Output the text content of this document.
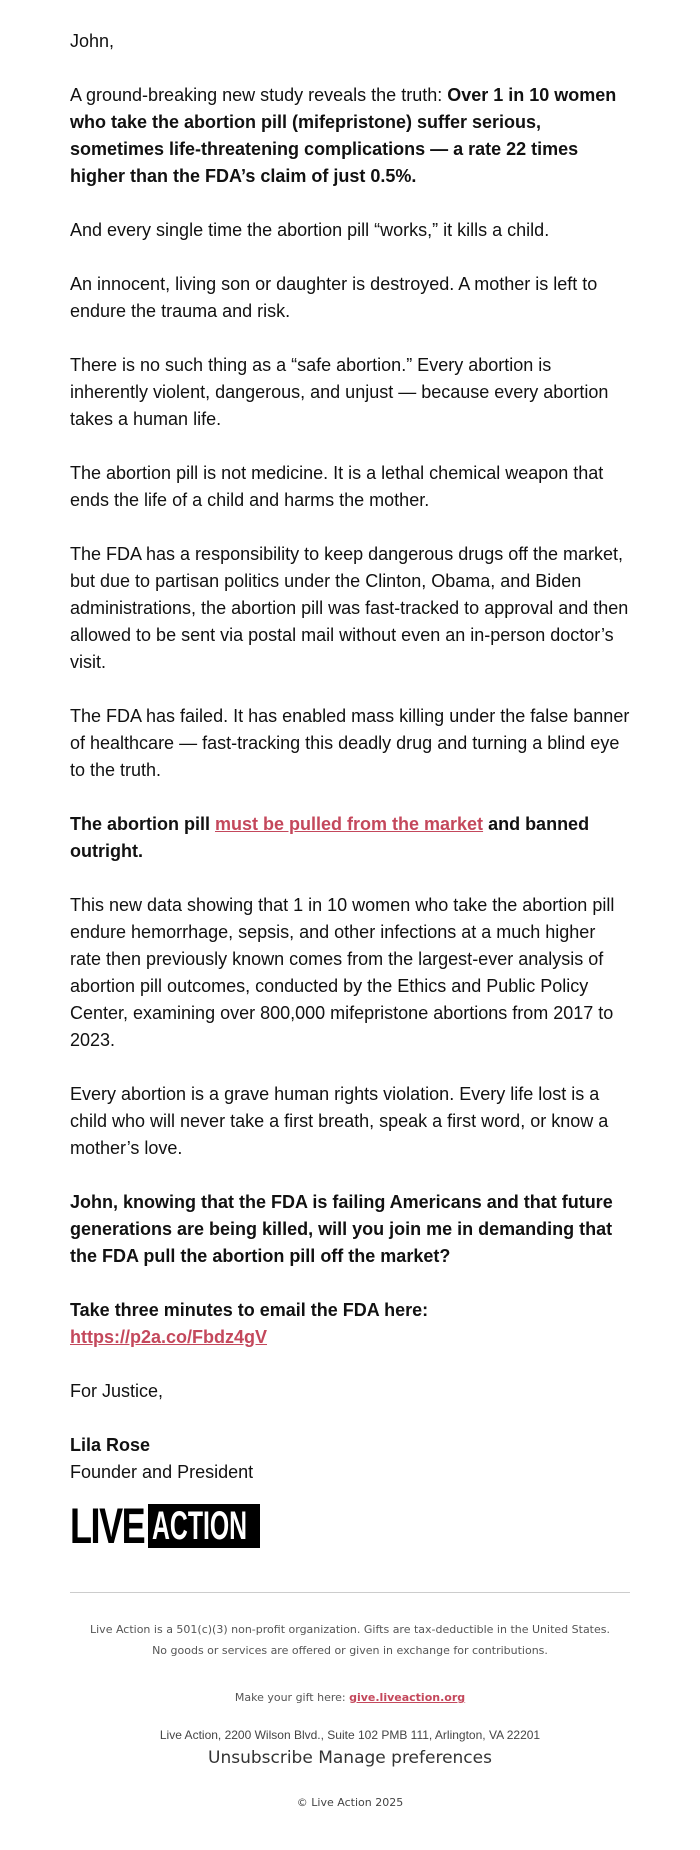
John,

A ground-breaking new study reveals the truth: Over 1 in 10 women who take the abortion pill (mifepristone) suffer serious, sometimes life-threatening complications — a rate 22 times higher than the FDA’s claim of just 0.5%.

And every single time the abortion pill “works,” it kills a child.

An innocent, living son or daughter is destroyed. A mother is left to endure the trauma and risk.

There is no such thing as a “safe abortion.” Every abortion is inherently violent, dangerous, and unjust — because every abortion takes a human life.

The abortion pill is not medicine. It is a lethal chemical weapon that ends the life of a child and harms the mother.

The FDA has a responsibility to keep dangerous drugs off the market, but due to partisan politics under the Clinton, Obama, and Biden administrations, the abortion pill was fast-tracked to approval and then allowed to be sent via postal mail without even an in-person doctor’s visit.

The FDA has failed. It has enabled mass killing under the false banner of healthcare — fast-tracking this deadly drug and turning a blind eye to the truth.

The abortion pill must be pulled from the market and banned outright.

This new data showing that 1 in 10 women who take the abortion pill endure hemorrhage, sepsis, and other infections at a much higher rate then previously known comes from the largest-ever analysis of abortion pill outcomes, conducted by the Ethics and Public Policy Center, examining over 800,000 mifepristone abortions from 2017 to 2023.

Every abortion is a grave human rights violation. Every life lost is a child who will never take a first breath, speak a first word, or know a mother’s love.

John, knowing that the FDA is failing Americans and that future generations are being killed, will you join me in demanding that the FDA pull the abortion pill off the market?

Take three minutes to email the FDA here:
https://p2a.co/Fbdz4gV

For Justice,

Lila Rose
Founder and President

LIVE ACTION
Live Action is a 501(c)(3) non-profit organization. Gifts are tax-deductible in the United States.
No goods or services are offered or given in exchange for contributions.
Make your gift here: give.liveaction.org
Live Action, 2200 Wilson Blvd., Suite 102 PMB 111, Arlington, VA 22201
Unsubscribe Manage preferences
© Live Action 2025
